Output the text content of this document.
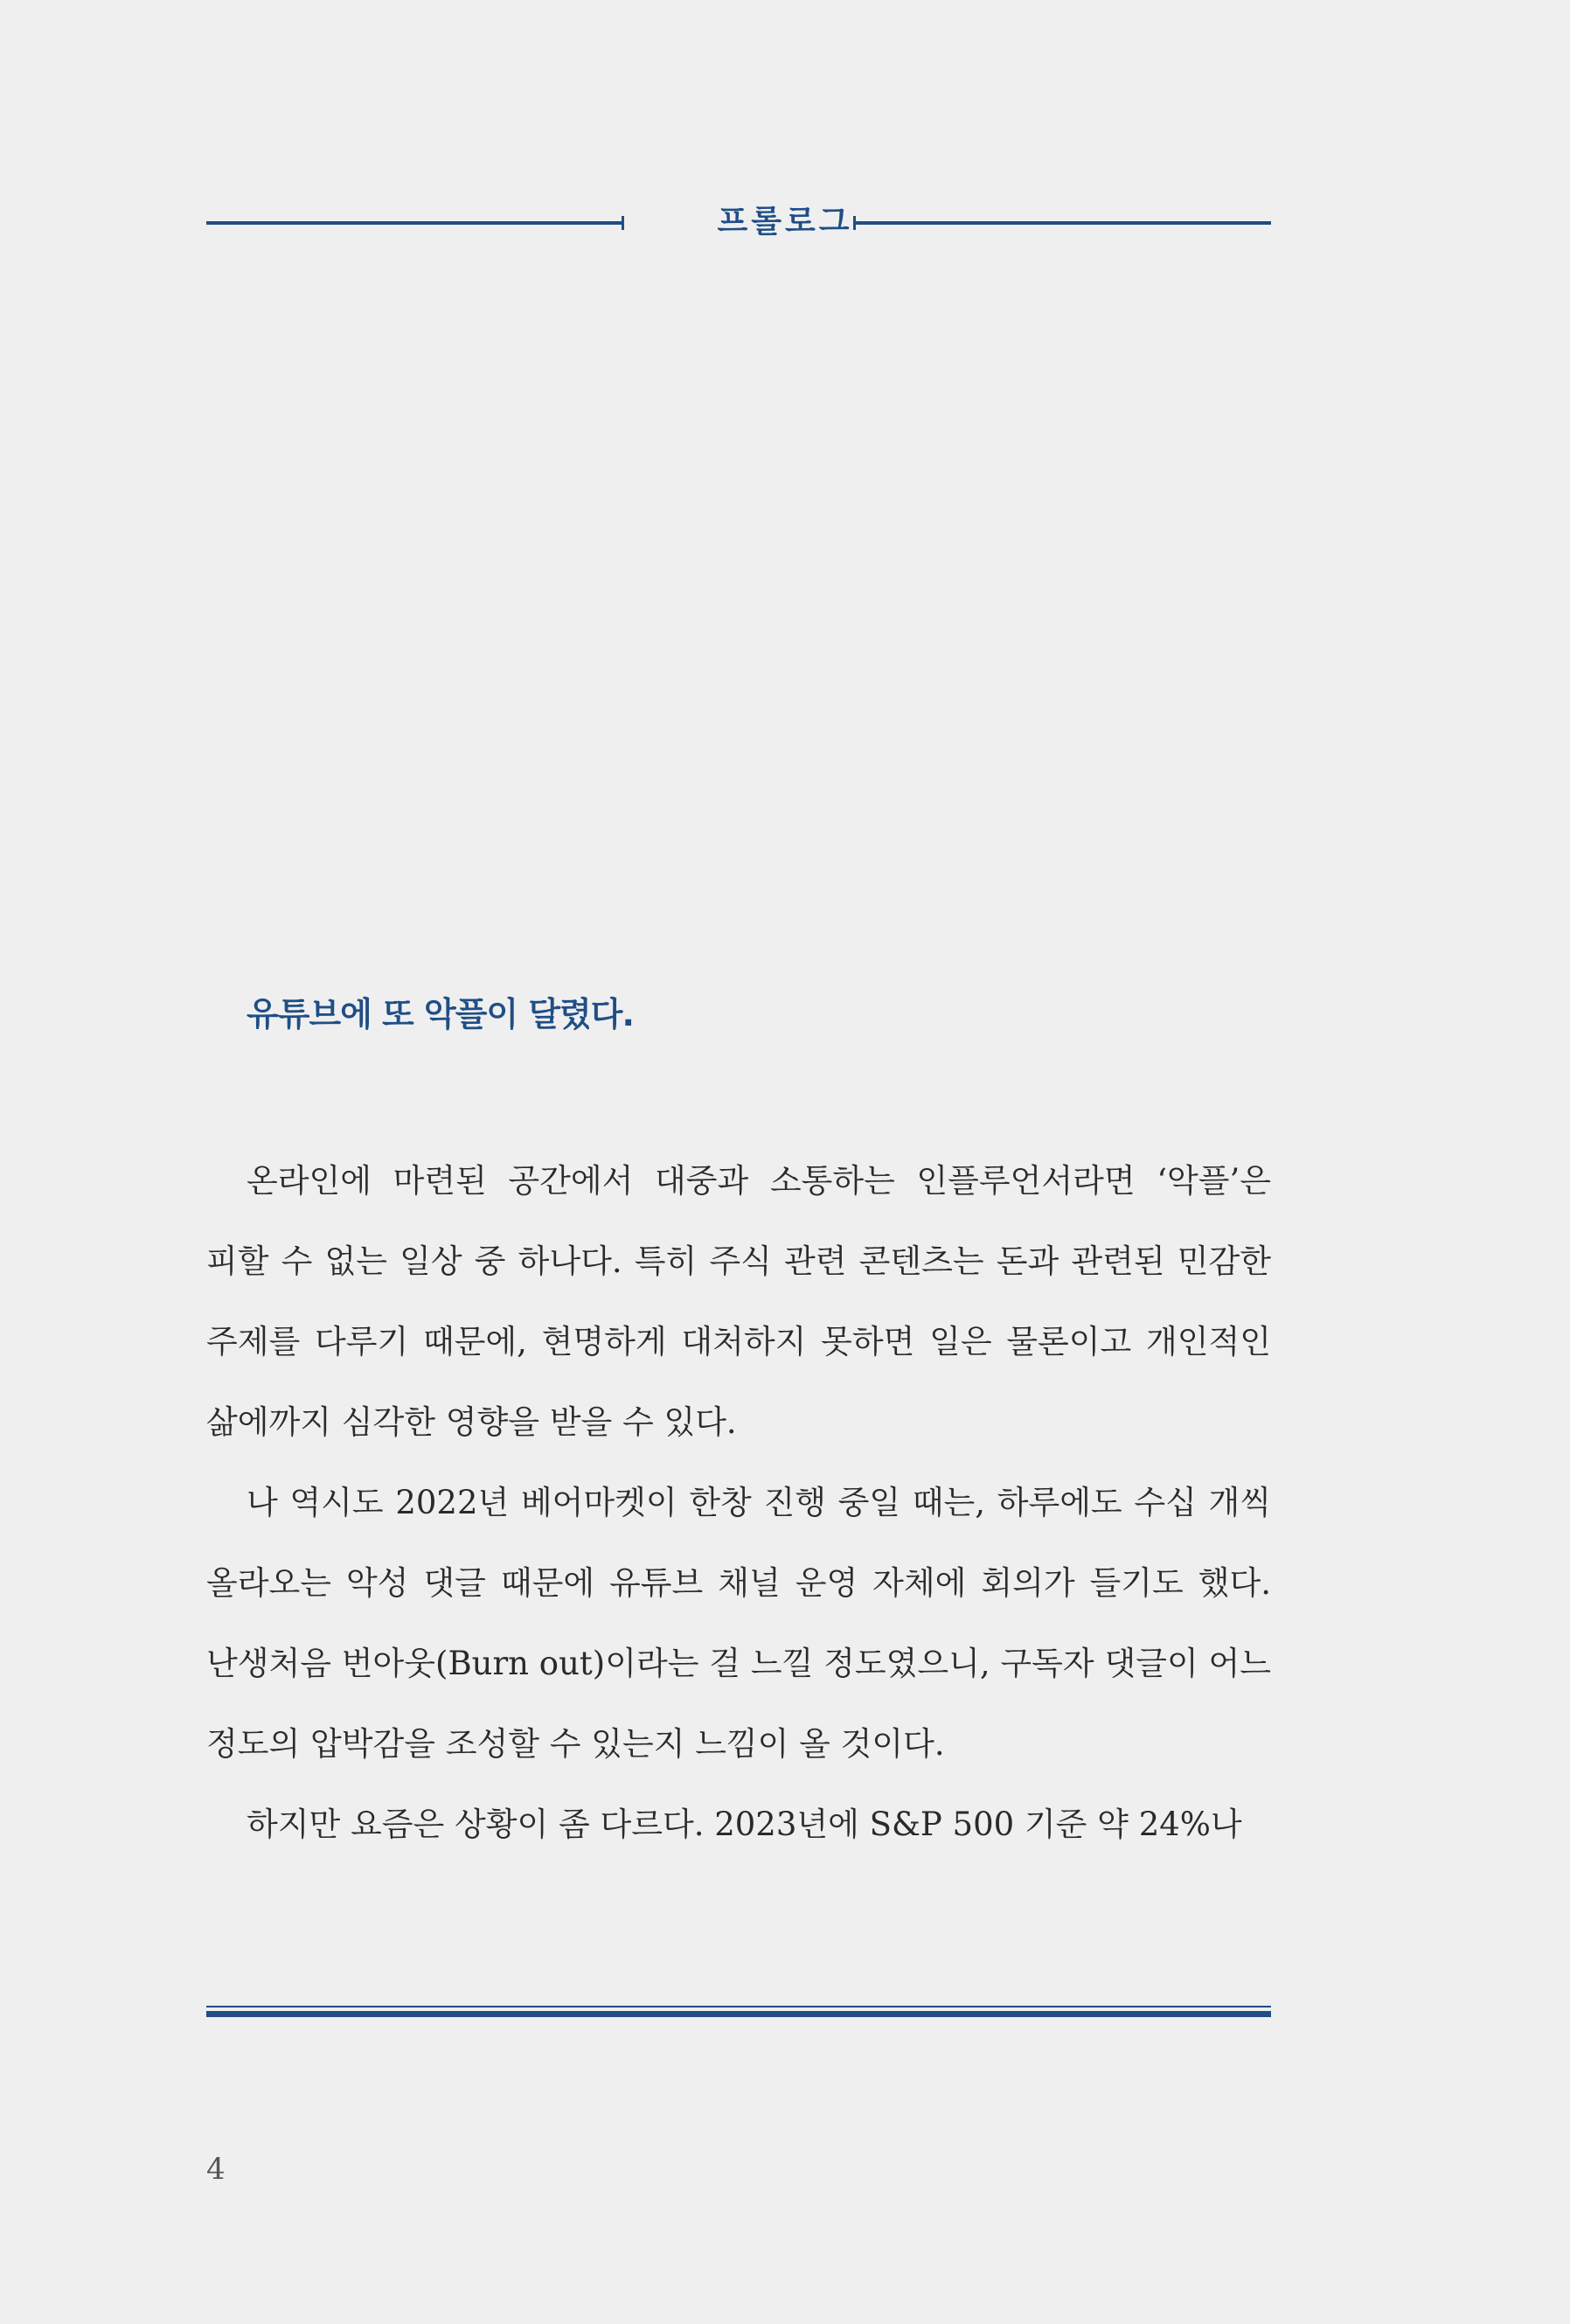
프롤로그
유튜브에 또 악플이 달렸다.

온라인에 마련된 공간에서 대중과 소통하는 인플루언서라면 ‘악플’은 피할 수 없는 일상 중 하나다. 특히 주식 관련 콘텐츠는 돈과 관련된 민감한 주제를 다루기 때문에, 현명하게 대처하지 못하면 일은 물론이고 개인적인 삶에까지 심각한 영향을 받을 수 있다.

나 역시도 2022년 베어마켓이 한창 진행 중일 때는, 하루에도 수십 개씩 올라오는 악성 댓글 때문에 유튜브 채널 운영 자체에 회의가 들기도 했다. 난생처음 번아웃(Burn out)이라는 걸 느낄 정도였으니, 구독자 댓글이 어느 정도의 압박감을 조성할 수 있는지 느낌이 올 것이다.

하지만 요즘은 상황이 좀 다르다. 2023년에 S&P 500 기준 약 24%나

4
